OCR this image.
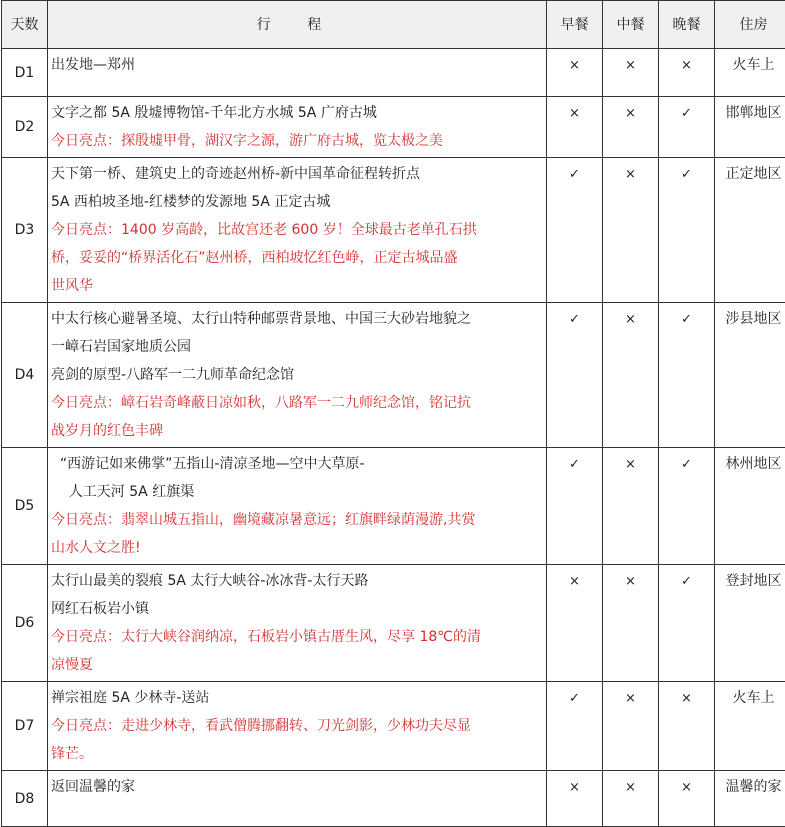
天数	行 程	早餐	中餐	晚餐	住房
D1	出发地—郑州	×	×	×	火车上
D2	文字之都 5A 殷墟博物馆-千年北方水城 5A 广府古城
今日亮点：探殷墟甲骨，湖汉字之源，游广府古城，览太极之美	×	×	✓	邯郸地区
D3	天下第一桥、建筑史上的奇迹赵州桥-新中国革命征程转折点
5A 西柏坡圣地-红楼梦的发源地 5A 正定古城
今日亮点：1400 岁高龄，比故宫还老 600 岁！全球最古老单孔石拱
桥，妥妥的“桥界活化石”赵州桥，西柏坡忆红色峥，正定古城品盛
世风华	✓	×	✓	正定地区
D4	中太行核心避暑圣境、太行山特种邮票背景地、中国三大砂岩地貌之
一嶂石岩国家地质公园
亮剑的原型-八路军一二九师革命纪念馆
今日亮点：嶂石岩奇峰蔽日凉如秋，八路军一二九师纪念馆，铭记抗
战岁月的红色丰碑	✓	×	✓	涉县地区
D5	“西游记如来佛掌”五指山-清凉圣地—空中大草原-
人工天河 5A 红旗渠
今日亮点：翡翠山城五指山，幽境藏凉暑意远；红旗畔绿荫漫游,共赏
山水人文之胜!	✓	×	✓	林州地区
D6	太行山最美的裂痕 5A 太行大峡谷-冰冰背-太行天路
网红石板岩小镇
今日亮点：太行大峡谷润纳凉，石板岩小镇古厝生风，尽享 18℃的清
凉慢夏	×	×	✓	登封地区
D7	禅宗祖庭 5A 少林寺-送站
今日亮点：走进少林寺，看武僧腾挪翻转、刀光剑影，少林功夫尽显
锋芒。	✓	×	×	火车上
D8	返回温馨的家	×	×	×	温馨的家
